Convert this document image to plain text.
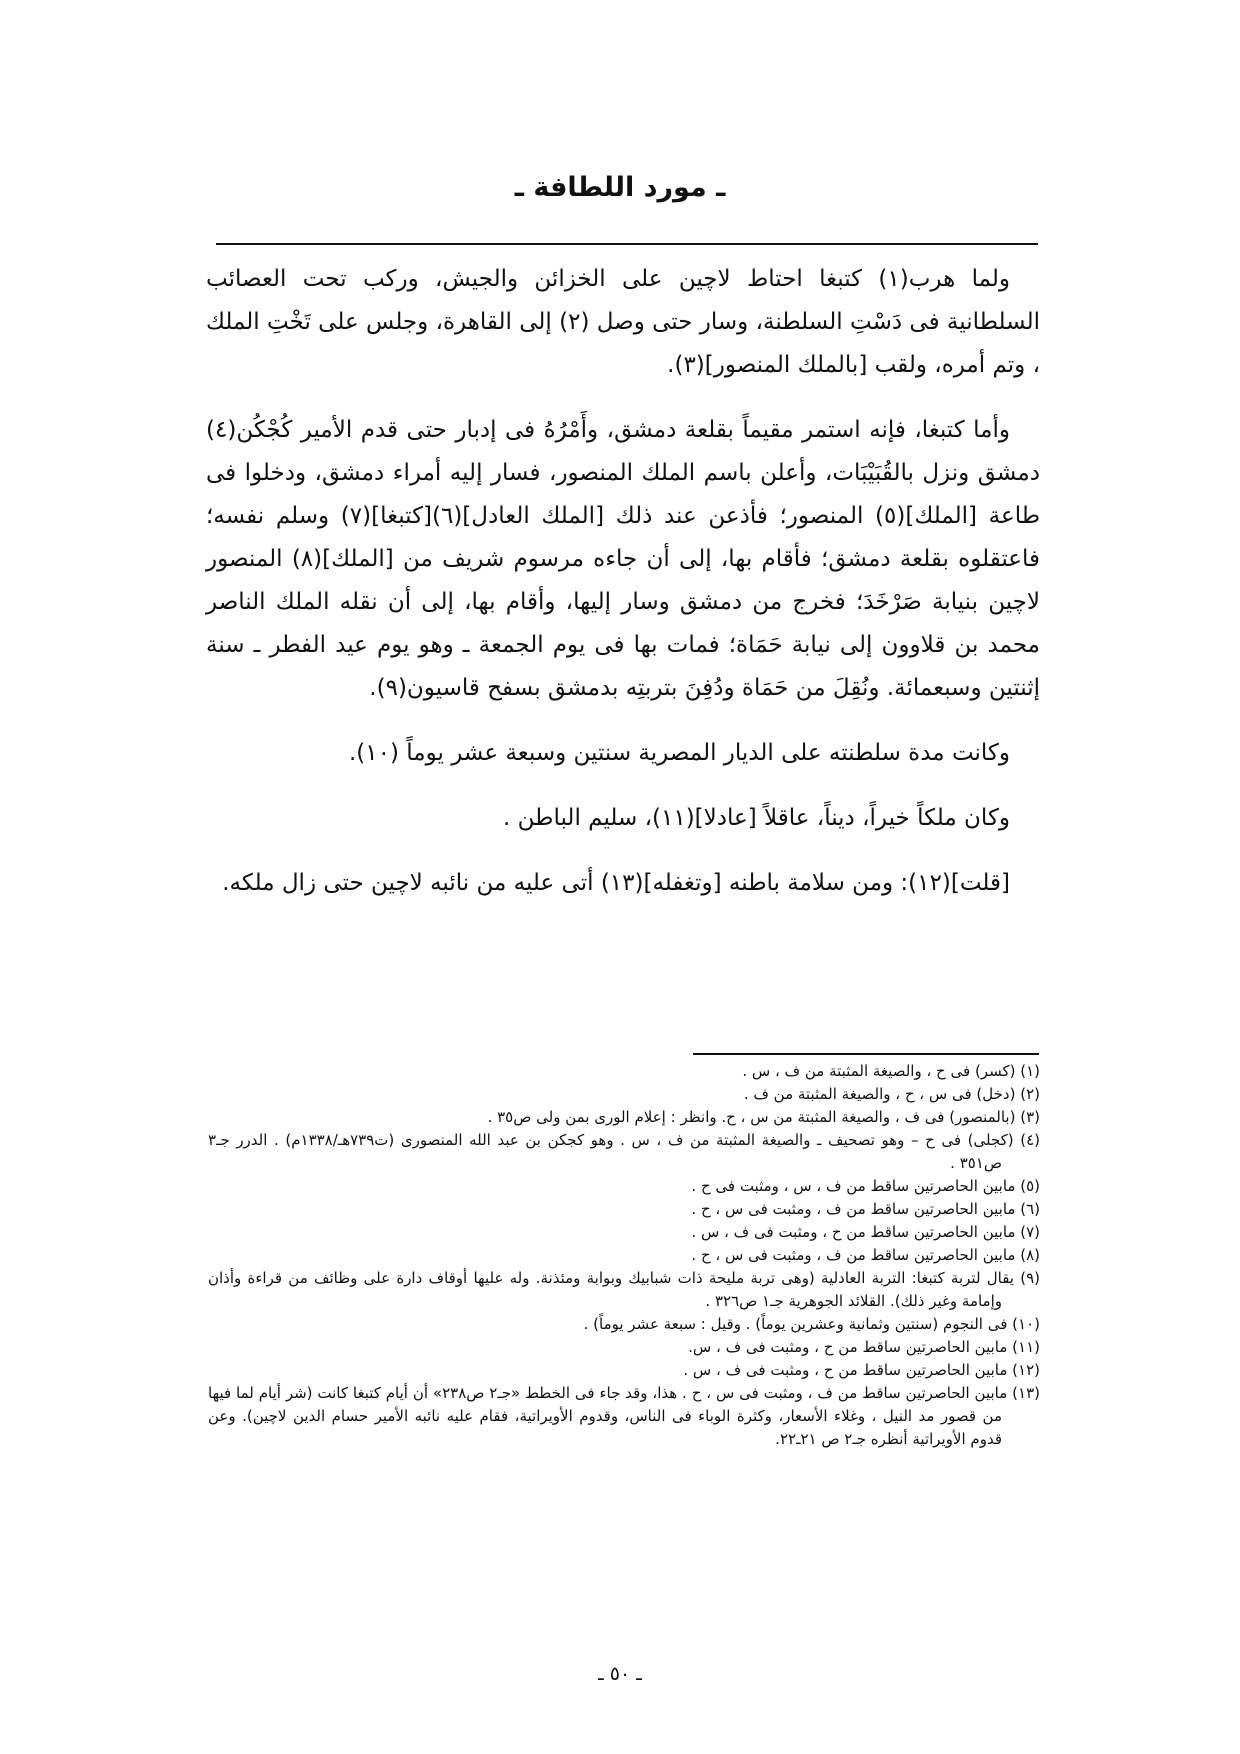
ـ مورد اللطافة ـ

ولما هرب(١) كتبغا احتاط لاچين على الخزائن والجيش، وركب تحت العصائب السلطانية فى دَسْتِ السلطنة، وسار حتى وصل (٢) إلى القاهرة، وجلس على تَخْتِ الملك ، وتم أمره، ولقب [بالملك المنصور](٣).

وأما كتبغا، فإنه استمر مقيماً بقلعة دمشق، وأَمْرُهُ فى إدبار حتى قدم الأمير كُجْكُن(٤) دمشق ونزل بالقُبَيْبَات، وأعلن باسم الملك المنصور، فسار إليه أمراء دمشق، ودخلوا فى طاعة [الملك](٥) المنصور؛ فأذعن عند ذلك [الملك العادل](٦)[كتبغا](٧) وسلم نفسه؛ فاعتقلوه بقلعة دمشق؛ فأقام بها، إلى أن جاءه مرسوم شريف من [الملك](٨) المنصور لاچين بنيابة صَرْخَدَ؛ فخرج من دمشق وسار إليها، وأقام بها، إلى أن نقله الملك الناصر محمد بن قلاوون إلى نيابة حَمَاة؛ فمات بها فى يوم الجمعة ـ وهو يوم عيد الفطر ـ سنة إثنتين وسبعمائة. ونُقِلَ من حَمَاة ودُفِنَ بتربتِه بدمشق بسفح قاسيون(٩).

وكانت مدة سلطنته على الديار المصرية سنتين وسبعة عشر يوماً (١٠).

وكان ملكاً خيراً، ديناً، عاقلاً [عادلا](١١)، سليم الباطن .

[قلت](١٢): ومن سلامة باطنه [وتغفله](١٣) أتى عليه من نائبه لاچين حتى زال ملكه.

(١) (كسر) فى ح ، والصيغة المثبتة من ف ، س .

(٢) (دخل) فى س ، ح ، والصيغة المثبتة من ف .

(٣) (بالمنصور) فى ف ، والصيغة المثبتة من س ، ح. وانظر : إعلام الورى بمن ولى ص٣٥ .

(٤) (كجلى) فى ح – وهو تصحيف ـ والصيغة المثبتة من ف ، س . وهو كجكن بن عبد الله المنصورى (ت٧٣٩هـ/١٣٣٨م) . الدرر جـ٣ ص٣٥١ .

(٥) مابين الحاصرتين ساقط من ف ، س ، ومثبت فى ح .

(٦) مابين الحاصرتين ساقط من ف ، ومثبت فى س ، ح .

(٧) مابين الحاصرتين ساقط من ح ، ومثبت فى ف ، س .

(٨) مابين الحاصرتين ساقط من ف ، ومثبت فى س ، ح .

(٩) يقال لتربة كتبغا: التربة العادلية (وهى تربة مليحة ذات شبابيك وبوابة ومئذنة. وله عليها أوقاف دارة على وظائف من قراءة وأذان وإمامة وغير ذلك). القلائد الجوهرية جـ١ ص٣٢٦ .

(١٠) فى النجوم (سنتين وثمانية وعشرين يوماً) . وقيل : سبعة عشر يوماً) .

(١١) مابين الحاصرتين ساقط من ح ، ومثبت فى ف ، س.

(١٢) مابين الحاصرتين ساقط من ح ، ومثبت فى ف ، س .

(١٣) مابين الحاصرتين ساقط من ف ، ومثبت فى س ، ح . هذا، وقد جاء فى الخطط «جـ٢ ص٢٣٨» أن أيام كتبغا كانت (شر أيام لما فيها من قصور مد النيل ، وغلاء الأسعار، وكثرة الوباء فى الناس، وقدوم الأويراتية، فقام عليه نائبه الأمير حسام الدين لاچين). وعن قدوم الأويراتية أنظره جـ٢ ص ٢١ـ٢٢.

ـ ٥٠ ـ
